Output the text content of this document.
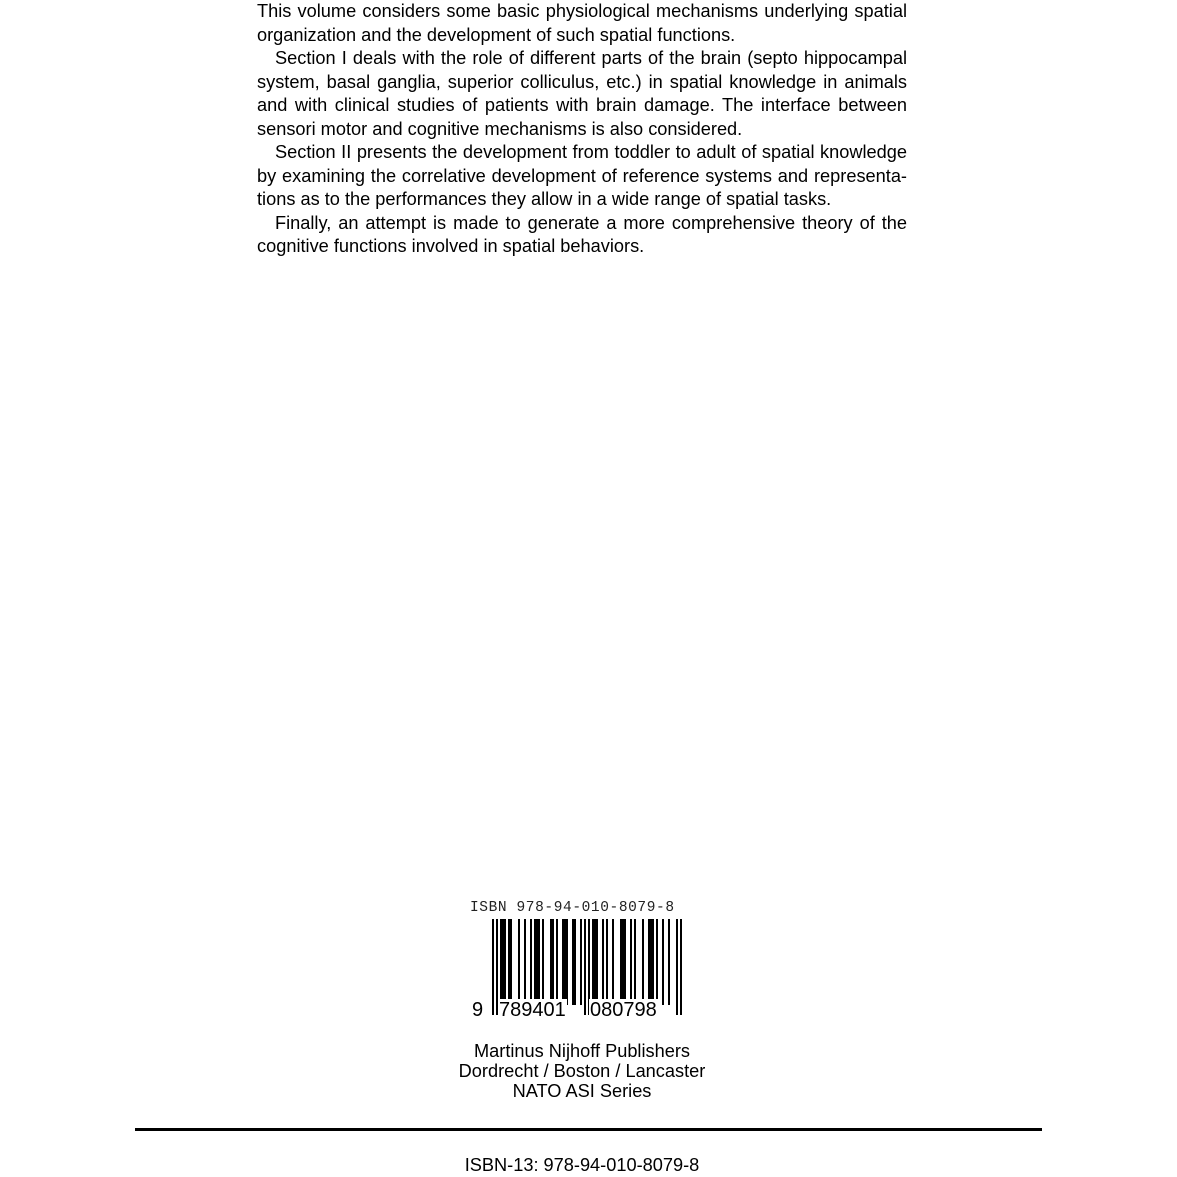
This volume considers some basic physiological mechanisms underlying spatial
organization and the development of such spatial functions.
Section I deals with the role of different parts of the brain (septo hippocampal
system, basal ganglia, superior colliculus, etc.) in spatial knowledge in animals
and with clinical studies of patients with brain damage. The interface between
sensori motor and cognitive mechanisms is also considered.
Section II presents the development from toddler to adult of spatial knowledge
by examining the correlative development of reference systems and representa-
tions as to the performances they allow in a wide range of spatial tasks.
Finally, an attempt is made to generate a more comprehensive theory of the
cognitive functions involved in spatial behaviors.
ISBN 978-94-010-8079-8
9 789401 080798
Martinus Nijhoff Publishers
Dordrecht / Boston / Lancaster
NATO ASI Series
ISBN-13: 978-94-010-8079-8
